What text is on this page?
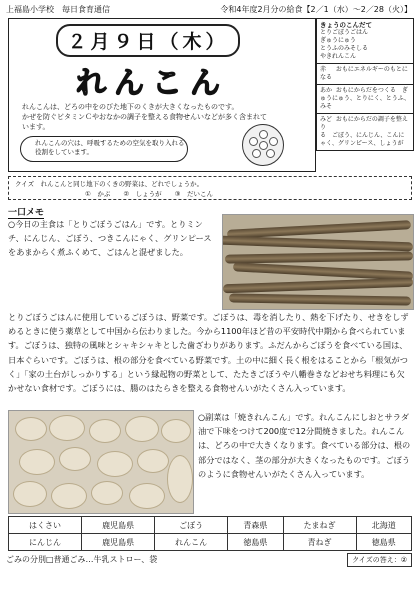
上福島小学校　毎日食育通信	令和4年度2月分の給食【2／1（水）～2／28（火）】
２月９日（木）
れんこん
れんこんは、どろの中をのびた地下のくきが大きくなったものです。
かぜを防ぐビタミンＣやおなかの調子を整える食物せんいなどが多く含まれています。
れんこんの穴は、呼吸するための空気を取り入れる役割をしています。
きょうのこんだて
とりごぼうごはん
ぎゅうにゅう
とうふのみそしる
やきれんこん
赤 おもにエネルギーのもとになる
あか おもにからだをつくる　ぎゅうにゅう、とりにく、とうふ、みそ
みどり おもにからだの調子を整える　ごぼう、にんじん、こんにゃく、グリンピース、しょうが
クイズ　れんこんと同じ地下のくきの野菜は、どれでしょうか。
①　かぶ　　②　しょうが　　③　だいこん
一口メモ
○今日の主食は「とりごぼうごはん」です。とりミンチ、にんじん、ごぼう、つきこんにゃく、グリンピースをあまからく煮ふくめて、ごはんと混ぜました。
とりごぼうごはんに使用しているごぼうは、野菜です。ごぼうは、毒を消したり、熱を下げたり、せきをしずめるときに使う薬草として中国から伝わりました。今から1100年ほど昔の平安時代中期から食べられています。ごぼうは、独特の風味とシャキシャキとした歯ざわりがあります。ふだんからごぼうを食べている国は、日本ぐらいです。ごぼうは、根の部分を食べている野菜です。土の中に細く長く根をはることから「根気がつく」「家の土台がしっかりする」という縁起物の野菜として、たたきごぼうや八幡巻きなどおせち料理にも欠かせない食材です。ごぼうには、腸のはたらきを整える食物せんいがたくさん入っています。
○副菜は「焼きれんこん」です。れんこんにしおとサラダ油で下味をつけて200度で12分間焼きました。れんこんは、どろの中で大きくなります。食べている部分は、根の部分ではなく、茎の部分が大きくなったものです。ごぼうのように食物せんいがたくさん入っています。
はくさい	鹿児島県	ごぼう	青森県	たまねぎ	北海道
にんじん	鹿児島県	れんこん	徳島県	青ねぎ	徳島県
ごみの分別□普通ごみ…牛乳ストロー、袋	クイズの答え：②
